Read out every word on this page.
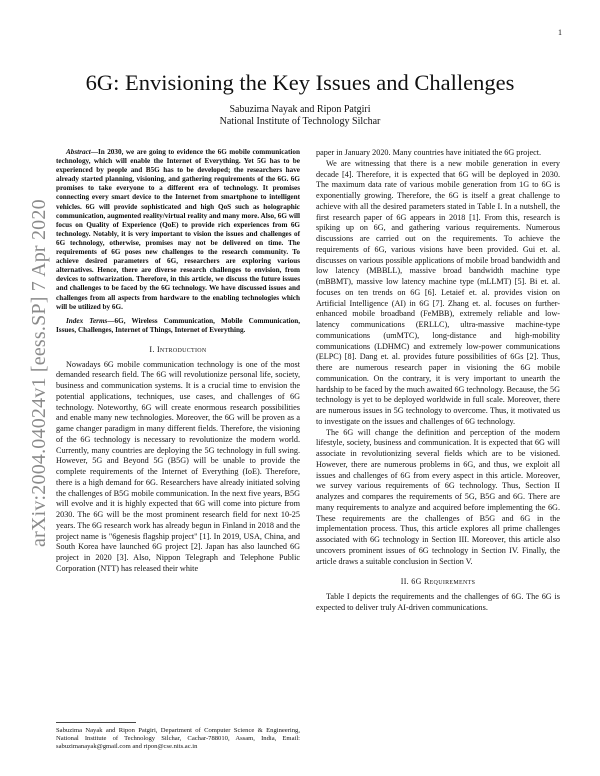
1
arXiv:2004.04024v1 [eess.SP] 7 Apr 2020
6G: Envisioning the Key Issues and Challenges
Sabuzima Nayak and Ripon Patgiri
National Institute of Technology Silchar

Abstract—In 2030, we are going to evidence the 6G mobile communication technology, which will enable the Internet of Everything. Yet 5G has to be experienced by people and B5G has to be developed; the researchers have already started planning, visioning, and gathering requirements of the 6G. 6G promises to take everyone to a different era of technology. It promises connecting every smart device to the Internet from smartphone to intelligent vehicles. 6G will provide sophisticated and high QoS such as holographic communication, augmented reality/virtual reality and many more. Also, 6G will focus on Quality of Experience (QoE) to provide rich experiences from 6G technology. Notably, it is very important to vision the issues and challenges of 6G technology, otherwise, promises may not be delivered on time. The requirements of 6G poses new challenges to the research community. To achieve desired parameters of 6G, researchers are exploring various alternatives. Hence, there are diverse research challenges to envision, from devices to softwarization. Therefore, in this article, we discuss the future issues and challenges to be faced by the 6G technology. We have discussed issues and challenges from all aspects from hardware to the enabling technologies which will be utilized by 6G.

Index Terms—6G, Wireless Communication, Mobile Communication, Issues, Challenges, Internet of Things, Internet of Everything.

I. Introduction

Nowadays 6G mobile communication technology is one of the most demanded research field. The 6G will revolutionize personal life, society, business and communication systems. It is a crucial time to envision the potential applications, techniques, use cases, and challenges of 6G technology. Noteworthy, 6G will create enormous research possibilities and enable many new technologies. Moreover, the 6G will be proven as a game changer paradigm in many different fields. Therefore, the visioning of the 6G technology is necessary to revolutionize the modern world. Currently, many countries are deploying the 5G technology in full swing. However, 5G and Beyond 5G (B5G) will be unable to provide the complete requirements of the Internet of Everything (IoE). Therefore, there is a high demand for 6G. Researchers have already initiated solving the challenges of B5G mobile communication. In the next five years, B5G will evolve and it is highly expected that 6G will come into picture from 2030. The 6G will be the most prominent research field for next 10-25 years. The 6G research work has already begun in Finland in 2018 and the project name is "6genesis flagship project" [1]. In 2019, USA, China, and South Korea have launched 6G project [2]. Japan has also launched 6G project in 2020 [3]. Also, Nippon Telegraph and Telephone Public Corporation (NTT) has released their white

Sabuzima Nayak and Ripon Patgiri, Department of Computer Science & Engineering, National Institute of Technology Silchar, Cachar-788010, Assam, India, Email: sabuzimanayak@gmail.com and ripon@cse.nits.ac.in

paper in January 2020. Many countries have initiated the 6G project.

We are witnessing that there is a new mobile generation in every decade [4]. Therefore, it is expected that 6G will be deployed in 2030. The maximum data rate of various mobile generation from 1G to 6G is exponentially growing. Therefore, the 6G is itself a great challenge to achieve with all the desired parameters stated in Table I. In a nutshell, the first research paper of 6G appears in 2018 [1]. From this, research is spiking up on 6G, and gathering various requirements. Numerous discussions are carried out on the requirements. To achieve the requirements of 6G, various visions have been provided. Gui et. al. discusses on various possible applications of mobile broad bandwidth and low latency (MBBLL), massive broad bandwidth machine type (mBBMT), massive low latency machine type (mLLMT) [5]. Bi et. al. focuses on ten trends on 6G [6]. Letaief et. al. provides vision on Artificial Intelligence (AI) in 6G [7]. Zhang et. al. focuses on further-enhanced mobile broadband (FeMBB), extremely reliable and low-latency communications (ERLLC), ultra-massive machine-type communications (umMTC), long-distance and high-mobility communications (LDHMC) and extremely low-power communications (ELPC) [8]. Dang et. al. provides future possibilities of 6Gs [2]. Thus, there are numerous research paper in visioning the 6G mobile communication. On the contrary, it is very important to unearth the hardship to be faced by the much awaited 6G technology. Because, the 5G technology is yet to be deployed worldwide in full scale. Moreover, there are numerous issues in 5G technology to overcome. Thus, it motivated us to investigate on the issues and challenges of 6G technology.

The 6G will change the definition and perception of the modern lifestyle, society, business and communication. It is expected that 6G will associate in revolutionizing several fields which are to be visioned. However, there are numerous problems in 6G, and thus, we exploit all issues and challenges of 6G from every aspect in this article. Moreover, we survey various requirements of 6G technology. Thus, Section II analyzes and compares the requirements of 5G, B5G and 6G. There are many requirements to analyze and acquired before implementing the 6G. These requirements are the challenges of B5G and 6G in the implementation process. Thus, this article explores all prime challenges associated with 6G technology in Section III. Moreover, this article also uncovers prominent issues of 6G technology in Section IV. Finally, the article draws a suitable conclusion in Section V.

II. 6G Requirements

Table I depicts the requirements and the challenges of 6G. The 6G is expected to deliver truly AI-driven communications.
